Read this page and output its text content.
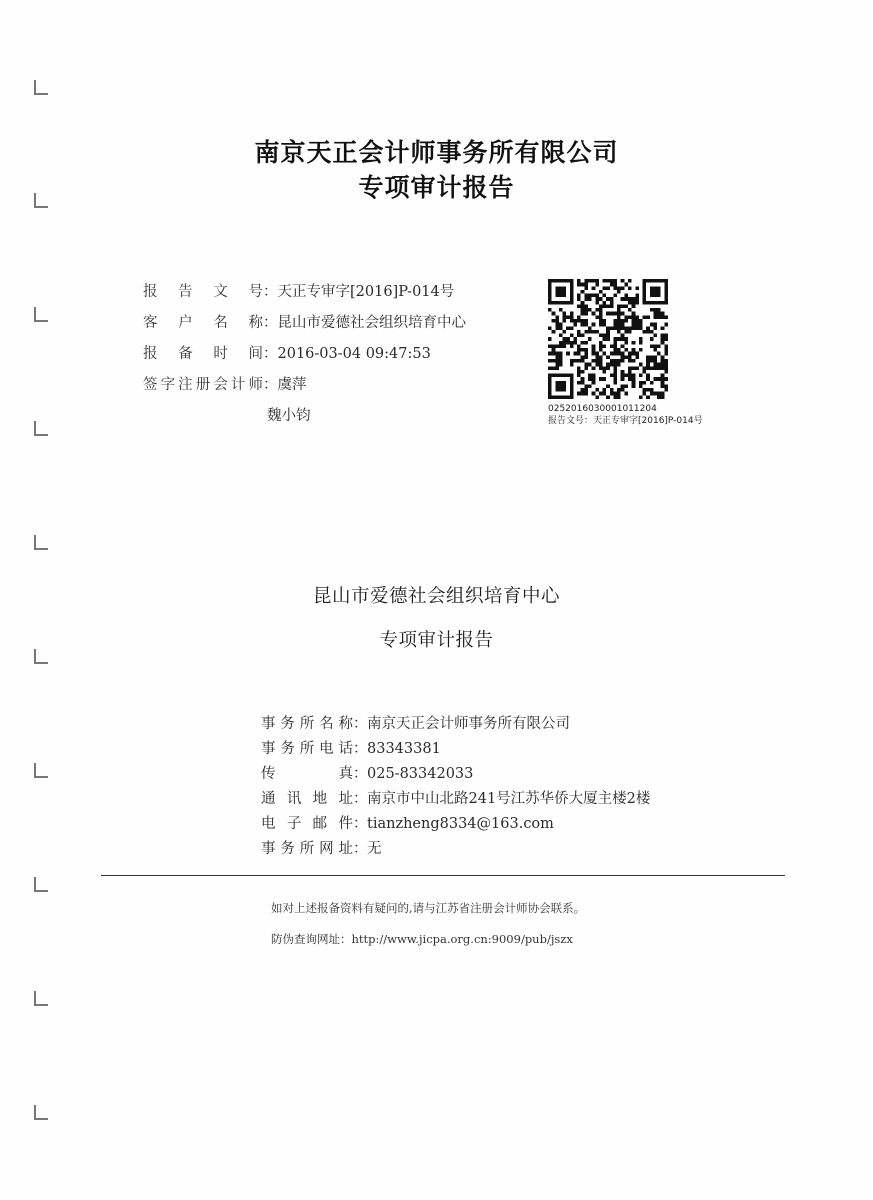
南京天正会计师事务所有限公司
专项审计报告
报告文号：天正专审字[2016]P-014号
客户名称：昆山市爱德社会组织培育中心
报备时间：2016-03-04 09:47:53
签字注册会计师：虞萍
魏小钧	0252016030001011204
报告文号：天正专审字[2016]P-014号
昆山市爱德社会组织培育中心
专项审计报告
事务所名称：南京天正会计师事务所有限公司
事务所电话：83343381
传真：025-83342033
通讯地址：南京市中山北路241号江苏华侨大厦主楼2楼
电子邮件：tianzheng8334@163.com
事务所网址：无
如对上述报备资料有疑问的,请与江苏省注册会计师协会联系。
防伪查询网址：http://www.jicpa.org.cn:9009/pub/jszx
